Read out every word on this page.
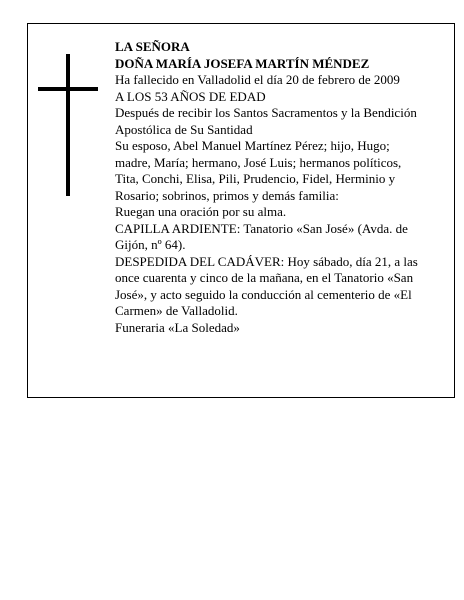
LA SEÑORA

DOÑA MARÍA JOSEFA MARTÍN MÉNDEZ

Ha fallecido en Valladolid el día 20 de febrero de 2009

A LOS 53 AÑOS DE EDAD

Después de recibir los Santos Sacramentos y la Bendición Apostólica de Su Santidad

Su esposo, Abel Manuel Martínez Pérez; hijo, Hugo; madre, María; hermano, José Luis; hermanos políticos, Tita, Conchi, Elisa, Pili, Prudencio, Fidel, Herminio y Rosario; sobrinos, primos y demás familia:

Ruegan una oración por su alma.

CAPILLA ARDIENTE: Tanatorio «San José» (Avda. de Gijón, nº 64).

DESPEDIDA DEL CADÁVER: Hoy sábado, día 21, a las once cuarenta y cinco de la mañana, en el Tanatorio «San José», y acto seguido la conducción al cementerio de «El Carmen» de Valladolid.

Funeraria «La Soledad»
